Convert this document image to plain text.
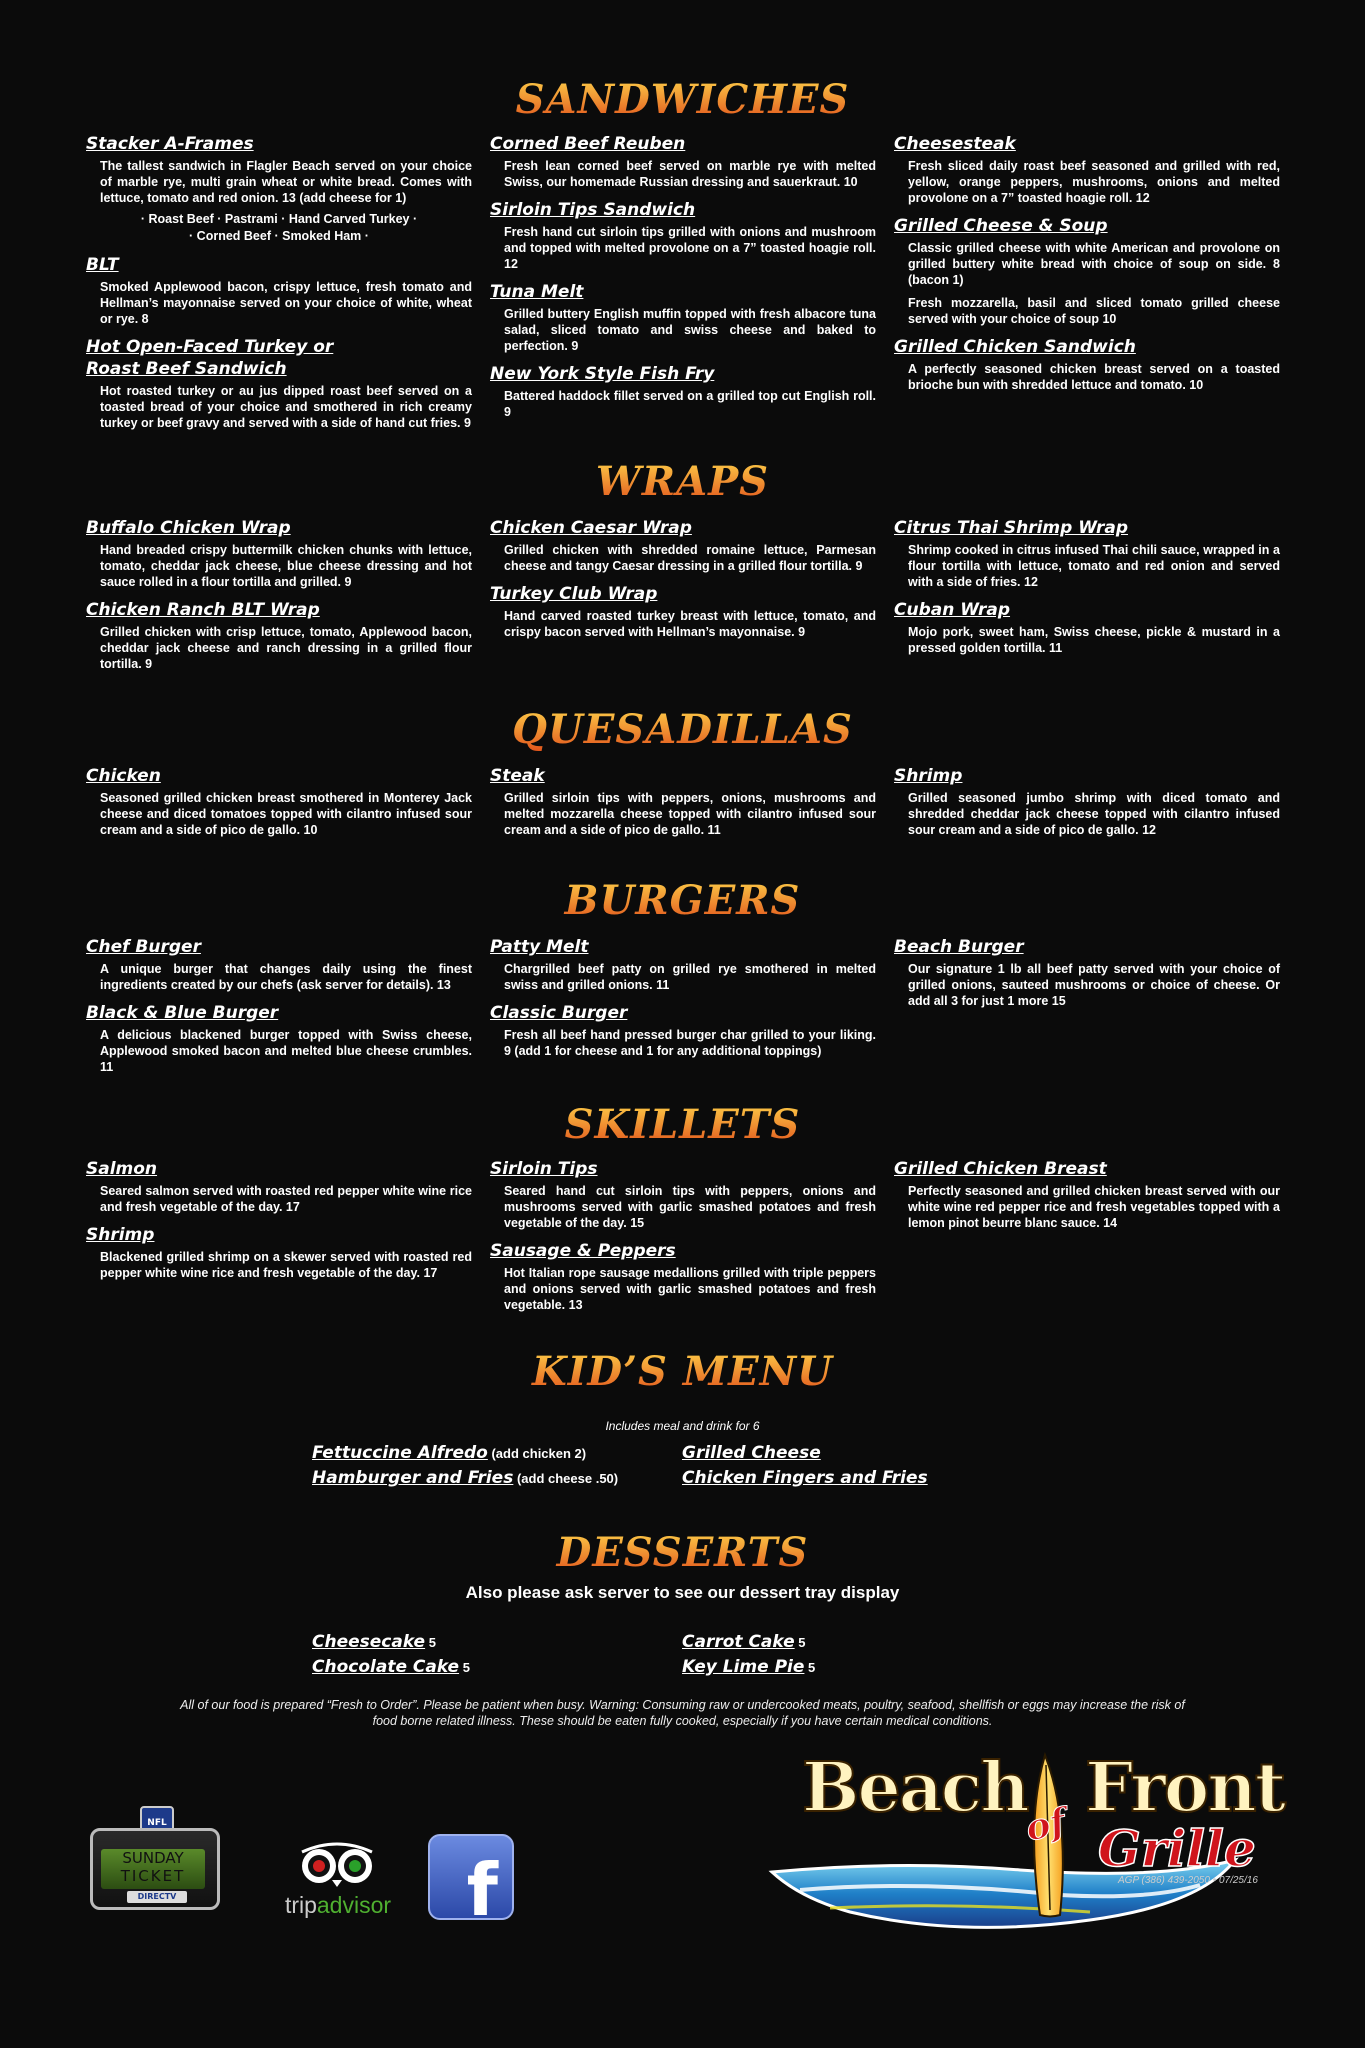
SANDWICHES

Stacker A-Frames

The tallest sandwich in Flagler Beach served on your choice of marble rye, multi grain wheat or white bread. Comes with lettuce, tomato and red onion. 13 (add cheese for 1)

· Roast Beef · Pastrami · Hand Carved Turkey ·

· Corned Beef · Smoked Ham ·

BLT

Smoked Applewood bacon, crispy lettuce, fresh tomato and Hellman’s mayonnaise served on your choice of white, wheat or rye. 8

Hot Open-Faced Turkey or

Roast Beef Sandwich

Hot roasted turkey or au jus dipped roast beef served on a toasted bread of your choice and smothered in rich creamy turkey or beef gravy and served with a side of hand cut fries. 9

Corned Beef Reuben

Fresh lean corned beef served on marble rye with melted Swiss, our homemade Russian dressing and sauerkraut. 10

Sirloin Tips Sandwich

Fresh hand cut sirloin tips grilled with onions and mushroom and topped with melted provolone on a 7” toasted hoagie roll. 12

Tuna Melt

Grilled buttery English muffin topped with fresh albacore tuna salad, sliced tomato and swiss cheese and baked to perfection. 9

New York Style Fish Fry

Battered haddock fillet served on a grilled top cut English roll. 9

Cheesesteak

Fresh sliced daily roast beef seasoned and grilled with red, yellow, orange peppers, mushrooms, onions and melted provolone on a 7” toasted hoagie roll. 12

Grilled Cheese & Soup

Classic grilled cheese with white American and provolone on grilled buttery white bread with choice of soup on side. 8 (bacon 1)

Fresh mozzarella, basil and sliced tomato grilled cheese served with your choice of soup 10

Grilled Chicken Sandwich

A perfectly seasoned chicken breast served on a toasted brioche bun with shredded lettuce and tomato. 10

WRAPS

Buffalo Chicken Wrap

Hand breaded crispy buttermilk chicken chunks with lettuce, tomato, cheddar jack cheese, blue cheese dressing and hot sauce rolled in a flour tortilla and grilled. 9

Chicken Ranch BLT Wrap

Grilled chicken with crisp lettuce, tomato, Applewood bacon, cheddar jack cheese and ranch dressing in a grilled flour tortilla. 9

Chicken Caesar Wrap

Grilled chicken with shredded romaine lettuce, Parmesan cheese and tangy Caesar dressing in a grilled flour tortilla. 9

Turkey Club Wrap

Hand carved roasted turkey breast with lettuce, tomato, and crispy bacon served with Hellman’s mayonnaise. 9

Citrus Thai Shrimp Wrap

Shrimp cooked in citrus infused Thai chili sauce, wrapped in a flour tortilla with lettuce, tomato and red onion and served with a side of fries. 12

Cuban Wrap

Mojo pork, sweet ham, Swiss cheese, pickle & mustard in a pressed golden tortilla. 11

QUESADILLAS

Chicken

Seasoned grilled chicken breast smothered in Monterey Jack cheese and diced tomatoes topped with cilantro infused sour cream and a side of pico de gallo. 10

Steak

Grilled sirloin tips with peppers, onions, mushrooms and melted mozzarella cheese topped with cilantro infused sour cream and a side of pico de gallo. 11

Shrimp

Grilled seasoned jumbo shrimp with diced tomato and shredded cheddar jack cheese topped with cilantro infused sour cream and a side of pico de gallo. 12

BURGERS

Chef Burger

A unique burger that changes daily using the finest ingredients created by our chefs (ask server for details). 13

Black & Blue Burger

A delicious blackened burger topped with Swiss cheese, Applewood smoked bacon and melted blue cheese crumbles. 11

Patty Melt

Chargrilled beef patty on grilled rye smothered in melted swiss and grilled onions. 11

Classic Burger

Fresh all beef hand pressed burger char grilled to your liking. 9 (add 1 for cheese and 1 for any additional toppings)

Beach Burger

Our signature 1 lb all beef patty served with your choice of grilled onions, sauteed mushrooms or choice of cheese. Or add all 3 for just 1 more 15

SKILLETS

Salmon

Seared salmon served with roasted red pepper white wine rice and fresh vegetable of the day. 17

Shrimp

Blackened grilled shrimp on a skewer served with roasted red pepper white wine rice and fresh vegetable of the day. 17

Sirloin Tips

Seared hand cut sirloin tips with peppers, onions and mushrooms served with garlic smashed potatoes and fresh vegetable of the day. 15

Sausage & Peppers

Hot Italian rope sausage medallions grilled with triple peppers and onions served with garlic smashed potatoes and fresh vegetable. 13

Grilled Chicken Breast

Perfectly seasoned and grilled chicken breast served with our white wine red pepper rice and fresh vegetables topped with a lemon pinot beurre blanc sauce. 14

KID’S MENU
Includes meal and drink for 6
Fettuccine Alfredo (add chicken 2)
Hamburger and Fries (add cheese .50)
Grilled Cheese
Chicken Fingers and Fries
DESSERTS
Also please ask server to see our dessert tray display
Cheesecake 5
Chocolate Cake 5
Carrot Cake 5
Key Lime Pie 5
All of our food is prepared “Fresh to Order”. Please be patient when busy. Warning: Consuming raw or undercooked meats, poultry, seafood, shellfish or eggs may increase the risk of food borne related illness. These should be eaten fully cooked, especially if you have certain medical conditions.
NFL
SUNDAY
TICKET
DIRECTV	tripadvisor f
Beach Front
of Grille
AGP (386) 439-2050 • 07/25/16
